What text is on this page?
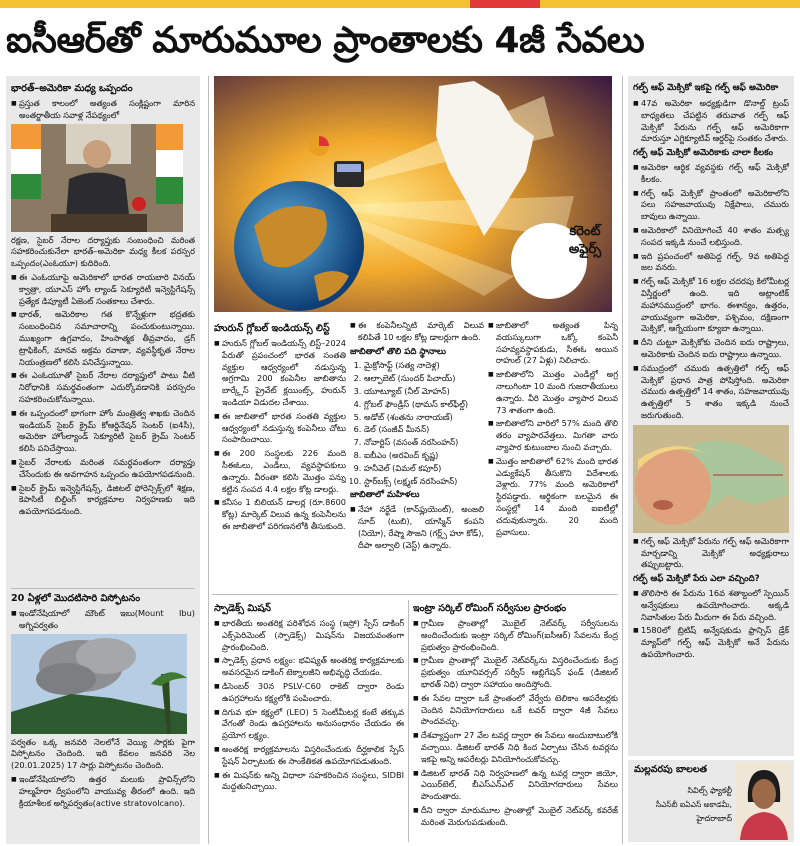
ఐసీఆర్‌తో మారుమూల ప్రాంతాలకు 4జీ సేవలు
భారత్‌–అమెరికా మధ్య ఒప్పందం
■ ప్రస్తుత కాలంలో అత్యంత సంక్లిష్టంగా మారిన అంతర్జాతీయ సవాళ్ల నేపథ్యంలో

రక్షణ, సైబర్‌ నేరాల దర్యాప్తుకు సంబంధించి మరింత సహకరించుకునేలా భారత్‌–అమెరికా మధ్య కీలక పరస్పర ఒప్పందం(ఎంఓయూ) కుదిరింది.

■ ఈ ఎంఓయూపై అమెరికాలో భారత రాయబారి వినయ్‌ క్వాత్రా, యూఎస్‌ హోం ల్యాండ్‌ సెక్యూరిటీ ఇన్వెస్టిగేషన్స్‌ ప్రత్యేక డిప్యూటీ ఏజెంట్‌ సంతకాలు చేశారు.
■ భారత్‌, అమెరికాల గత కొన్నేళ్లుగా భద్రతకు సంబంధించిన సమాచారాన్ని పంచుకుంటున్నాయి. ముఖ్యంగా ఉగ్రవాదం, హింసాత్మక తీవ్రవాదం, డ్రగ్‌ ట్రాఫికింగ్‌, మానవ అక్రమ రవాణా, వ్యవస్థీకృత నేరాల నియంత్రణలో కలిసి పనిచేస్తున్నాయి.
■ ఈ ఎంఓయూతో సైబర్‌ నేరాల దర్యాప్తులో పాటు వీటి నిరోధానికి సమర్థవంతంగా ఎదుర్కోవడానికి పరస్పరం సహకరించుకోనున్నాయి.
■ ఈ ఒప్పందంలో భాగంగా హోం మంత్రిత్వ శాఖకు చెందిన ఇండియన్‌ సైబర్‌ క్రైమ్‌ కోఆర్డినేషన్‌ సెంటర్‌ (ఐ4సీ), అమెరికా హోంల్యాండ్‌ సెక్యూరిటీ సైబర్‌ క్రైమ్‌ సెంటర్‌ కలిసి పనిచేస్తాయి.
■ సైబర్‌ నేరాలకు మరింత సమర్థవంతంగా దర్యాప్తు చేసేందుకు ఈ అవగాహన ఒప్పందం ఉపయోగపడనుంది.
■ సైబర్‌ క్రైమ్‌ ఇన్వెస్టిగేషన్స్‌, డిజిటల్‌ ఫోరెన్సిక్స్‌లో శిక్షణ, కెపాసిటీ బిల్డింగ్‌ కార్యక్రమాల నిర్వహణకు ఇది ఉపయోగపడనుంది.
20 ఏళ్లలో మొదటిసారి విస్ఫోటనం
■ ఇండోనేషియాలో మౌంట్‌ ఇబు(Mount Ibu) అగ్నిపర్వతం

పర్వతం ఒక్క జనవరి నెలలోనే వెయ్యి సార్లకు పైగా విస్ఫోటనం చెందింది. ఇది కేవలం జనవరి నెల (20.01.2025) 17 సార్లు విస్ఫోటనం చెందింది.

■ ఇండోనేషియాలోని ఉత్తర మలుకు ప్రావిన్స్‌లోని హల్మహేరా ద్వీపంలోని వాయువ్య తీరంలో ఉంది. ఇది క్రియాశీలక అగ్నిపర్వతం(active stratovolcano).
కరెంట్‌
అఫైర్స్‌
హురున్‌ గ్లోబల్‌ ఇండియన్స్‌ లిస్ట్‌
■ హురున్‌ గ్లోబల్‌ ఇండియన్స్‌ లిస్ట్‌–2024 పేరుతో ప్రపంచంలో భారత సంతతి వ్యక్తుల ఆధ్వర్యంలో నడుస్తున్న అగ్రగామి 200 కంపెనీల జాబితాను బార్క్లేస్‌ ప్రైవేట్‌ క్లయింట్స్‌, హురున్‌ ఇండియా విడుదల చేశాయి.
■ ఈ జాబితాలో భారత సంతతి వ్యక్తుల ఆధ్వర్యంలో నడుస్తున్న కంపెనీలు చోటు సంపాదించాయి.
■ ఈ 200 సంస్థలకు 226 మంది సీఈఓలు, ఎండీలు, వ్యవస్థాపకులు ఉన్నారు. వీరంతా కలిసి మొత్తం పన్ను కట్టిన సంపద 4.4 లక్షల కోట్ల డాలర్లు.
■ కనీసం 1 బిలియన్‌ డాలర్ల (రూ.8600 కోట్ల) మార్కెట్‌ విలువ ఉన్న కంపెనీలను ఈ జాబితాలో పరిగణనలోకి తీసుకుంది.
■ ఈ కంపెనీలన్నిటి మార్కెట్‌ విలువ కలిపితే 10 లక్షల కోట్ల డాలర్లుగా ఉంది.
జాబితాలో తొలి పది స్థానాలు
1. మైక్రోసాఫ్ట్‌ (సత్య నాదెళ్ల)
2. ఆల్ఫాబెట్‌ (సుందర్‌ పిచాయ్‌)
3. యూట్యూబ్‌ (నీల్‌ మోహన్‌)
4. గ్లోబల్‌ ఫౌండ్రీస్‌ (థామస్‌ కాల్‌ఫీల్డ్‌)
5. అడోబ్‌ (శంతను నారాయణ్‌)
6. డెల్‌ (సంజీవ్‌ మీనన్‌)
7. నోవార్టిస్‌ (వసంత్‌ నరసింహన్‌)
8. ఐబీఎం (అరవింద్‌ కృష్ణ)
9. హనీవెల్‌ (విమల్‌ కపూర్‌)
10. స్టార్‌బక్స్‌ (లక్ష్మణ్‌ నరసింహన్‌)
జాబితాలో మహిళలు
■ నేహా నర్ఖేడే (కాన్‌ఫ్లుయెంట్‌), అంజలి సూద్‌ (టుబి), యాస్మిన్‌ కంపని (నియో), రేష్మా సౌజని (గర్ల్స్‌ హూ కోడ్‌), దీపా అల్వాలి (వెస్ట్‌) ఉన్నారు.
■ జాబితాలో అత్యంత పిన్న వయస్కులుగా ఒక్కో కంపెనీ సహవ్యవస్థాపకుడు, సీఈఓ అయిన రాహుల్‌ (27 ఏళ్లు) నిలిచారు.
■ జాబితాలోని మొత్తం ఎండీల్లో అగ్ర నాలుగింటా 10 మంది గుజరాతీయులు ఉన్నారు. వీరి మొత్తం వ్యాపార విలువ 73 శాతంగా ఉంది.
■ జాబితాలోని వారిలో 57% మంది తొలి తరం వ్యాపారవేత్తలు. మిగతా వారు వ్యాపార కుటుంబాల నుంచి వచ్చారు.
■ మొత్తం జాబితాలో 62% మంది భారత ఎడ్యుకేషన్‌ తీసుకొని విదేశాలకు వెళ్లారు. 77% మంది అమెరికాలో స్థిరపడ్డారు. ఆర్థికంగా బలమైన ఈ సంస్థల్లో 14 మంది ఐఐటీల్లో చదువుకున్నారు. 20 మంది ప్రవాసులు.
స్పాడెక్స్‌ మిషన్‌
■ భారతీయ అంతరిక్ష పరిశోధన సంస్థ (ఇస్రో) స్పేస్‌ డాకింగ్‌ ఎక్స్‌పెరిమెంట్‌ (స్పాడెక్స్‌) మిషన్‌ను విజయవంతంగా ప్రారంభించింది.
■ స్పాడెక్స్‌ ప్రధాన లక్ష్యం: భవిష్యత్‌ అంతరిక్ష కార్యక్రమాలకు అవసరమైన డాకింగ్‌ టెక్నాలజీని అభివృద్ధి చేయడం.
■ డిసెంబర్‌ 30న PSLV-C60 రాకెట్‌ ద్వారా రెండు ఉపగ్రహాలను కక్ష్యలోకి పంపించారు.
■ దిగువ భూ కక్ష్యలో (LEO) 5 సెంటీమీటర్ల కంటే తక్కువ వేగంతో రెండు ఉపగ్రహాలను అనుసంధానం చేయడం ఈ ప్రయోగ లక్ష్యం.
■ అంతరిక్ష కార్యక్రమాలను విస్తరించేందుకు దీర్ఘకాలిక స్పేస్‌ స్టేషన్‌ ఏర్పాటుకు ఈ సాంకేతికత ఉపయోగపడుతుంది.
■ ఈ మిషన్‌కు అన్ని విధాలా సహకరించిన సంస్థలు, SIDBI మద్దతునిచ్చాయి.
ఇంట్రా సర్కిల్‌ రోమింగ్‌ సర్వీసుల ప్రారంభం
■ గ్రామీణ ప్రాంతాల్లో మొబైల్‌ నెట్‌వర్క్‌ సర్వీసులను అందించేందుకు ఇంట్రా సర్కిల్‌ రోమింగ్‌(ఐసీఆర్‌) సేవలను కేంద్ర ప్రభుత్వం ప్రారంభించింది.
■ గ్రామీణ ప్రాంతాల్లో మొబైల్‌ నెట్‌వర్క్‌ను విస్తరించేందుకు కేంద్ర ప్రభుత్వం యూనివర్సల్‌ సర్వీస్‌ ఆబ్లిగేషన్‌ ఫండ్‌ (డిజిటల్‌ భారత్‌ నిధి) ద్వారా సహాయం అందిస్తోంది.
■ ఈ సేవల ద్వారా ఒకే ప్రాంతంలో వేర్వేరు టెలికాం ఆపరేటర్లకు చెందిన వినియోగదారులు ఒకే టవర్‌ ద్వారా 4జీ సేవలు పొందవచ్చు.
■ దేశవ్యాప్తంగా 27 వేల టవర్ల ద్వారా ఈ సేవలు అందుబాటులోకి వచ్చాయి. డిజిటల్‌ భారత్‌ నిధి కింద ఏర్పాటు చేసిన టవర్లను ఇకపై అన్ని ఆపరేటర్లు వినియోగించుకోవచ్చు.
■ డిజిటల్‌ భారత్‌ నిధి నిర్వహణలో ఉన్న టవర్ల ద్వారా జియో, ఎయిర్‌టెల్‌, బీఎస్‌ఎన్‌ఎల్‌ వినియోగదారులు సేవలు పొందుతారు.
■ దీని ద్వారా మారుమూల ప్రాంతాల్లో మొబైల్‌ నెట్‌వర్క్‌ కవరేజ్‌ మరింత మెరుగుపడుతుంది.
గల్ఫ్‌ ఆఫ్‌ మెక్సికో ఇకపై గల్ఫ్‌ ఆఫ్‌ అమెరికా
■ 47వ అమెరికా అధ్యక్షుడిగా డొనాల్డ్‌ ట్రంప్‌ బాధ్యతలు చేపట్టిన తరువాత గల్ఫ్‌ ఆఫ్‌ మెక్సికో పేరును గల్ఫ్‌ ఆఫ్‌ అమెరికాగా మారుస్తూ ఎగ్జిక్యూటివ్‌ ఆర్డర్‌పై సంతకం చేశారు.
గల్ఫ్‌ ఆఫ్‌ మెక్సికో అమెరికాకు చాలా కీలకం
■ అమెరికా ఆర్థిక వ్యవస్థకు గల్ఫ్‌ ఆఫ్‌ మెక్సికో కీలకం.
■ గల్ఫ్‌ ఆఫ్‌ మెక్సికో ప్రాంతంలో అమెరికాలోని పలు సహజవాయువు నిక్షేపాలు, చమురు బావులు ఉన్నాయి.
■ అమెరికాలో వినియోగించే 40 శాతం మత్స్య సంపద ఇక్కడి నుంచే లభిస్తుంది.
■ ఇది ప్రపంచంలో అతిపెద్ద గల్ఫ్‌. 9వ అతిపెద్ద జల వనరు.
■ గల్ఫ్‌ ఆఫ్‌ మెక్సికో 16 లక్షల చదరపు కిలోమీటర్ల విస్తీర్ణంలో ఉంది. ఇది అట్లాంటిక్‌ మహాసముద్రంలో భాగం. ఈశాన్యం, ఉత్తరం, వాయువ్యంగా అమెరికా, పశ్చిమం, దక్షిణంగా మెక్సికో, ఆగ్నేయంగా క్యూబా ఉన్నాయి.
■ దీని చుట్టూ మెక్సికోకు చెందిన ఐదు రాష్ట్రాలు, అమెరికాకు చెందిన ఐదు రాష్ట్రాలు ఉన్నాయి.
■ సముద్రంలో చమురు ఉత్పత్తిలో గల్ఫ్‌ ఆఫ్‌ మెక్సికో ప్రధాన పాత్ర పోషిస్తోంది. అమెరికా చమురు ఉత్పత్తిలో 14 శాతం, సహజవాయువు ఉత్పత్తిలో 5 శాతం ఇక్కడి నుంచే జరుగుతుంది.
■ గల్ఫ్‌ ఆఫ్‌ మెక్సికో పేరును గల్ఫ్‌ ఆఫ్‌ అమెరికాగా మార్చడాన్ని మెక్సికో అధ్యక్షురాలు తప్పుబట్టారు.
గల్ఫ్‌ ఆఫ్‌ మెక్సికో పేరు ఎలా వచ్చింది?
■ తొలిసారి ఈ పేరును 16వ శతాబ్దంలో స్పెయిన్‌ అన్వేషకులు ఉపయోగించారు. అక్కడి నివాసితుల పేరు మీదుగా ఈ పేరు వచ్చింది.
■ 1580లో బ్రిటిష్‌ అన్వేషకుడు ఫ్రాన్సిస్‌ డ్రేక్‌ మ్యాప్‌లో గల్ఫ్‌ ఆఫ్‌ మెక్సికో అనే పేరును ఉపయోగించారు.
మల్లవరపు బాలలత
సివిల్స్‌ ఫ్యాకల్టీ
సీఎస్‌బీ ఐఏఎస్‌ అకాడమీ,
హైదరాబాద్‌
